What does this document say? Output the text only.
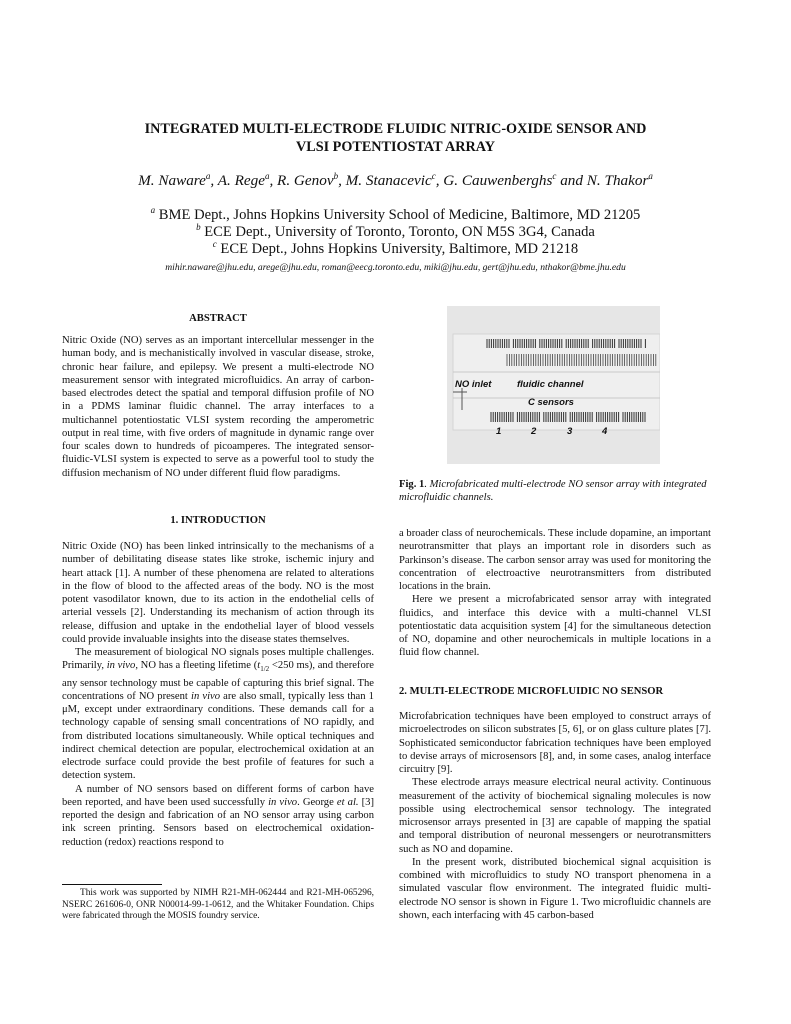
INTEGRATED MULTI-ELECTRODE FLUIDIC NITRIC-OXIDE SENSOR AND
VLSI POTENTIOSTAT ARRAY
M. Naware$^a$, A. Rege$^a$, R. Genov$^b$, M. Stanacevic$^c$, G. Cauwenberghs$^c$ and N. Thakor$^a$
$^a$ BME Dept., Johns Hopkins University School of Medicine, Baltimore, MD 21205
$^b$ ECE Dept., University of Toronto, Toronto, ON M5S 3G4, Canada
$^c$ ECE Dept., Johns Hopkins University, Baltimore, MD 21218
mihir.naware@jhu.edu, arege@jhu.edu, roman@eecg.toronto.edu, miki@jhu.edu, gert@jhu.edu, nthakor@bme.jhu.edu
ABSTRACT

Nitric Oxide (NO) serves as an important intercellular messenger in the human body, and is mechanistically involved in vascular disease, stroke, chronic hear failure, and epilepsy. We present a multi-electrode NO measurement sensor with integrated microfluidics. An array of carbon-based electrodes detect the spatial and temporal diffusion profile of NO in a PDMS laminar fluidic channel. The array interfaces to a multichannel potentiostatic VLSI system recording the amperometric output in real time, with five orders of magnitude in dynamic range over four scales down to hundreds of picoamperes. The integrated sensor-fluidic-VLSI system is expected to serve as a powerful tool to study the diffusion mechanism of NO under different fluid flow paradigms.

1. INTRODUCTION

Nitric Oxide (NO) has been linked intrinsically to the mechanisms of a number of debilitating disease states like stroke, ischemic injury and heart attack [1]. A number of these phenomena are related to alterations in the flow of blood to the affected areas of the body. NO is the most potent vasodilator known, due to its action in the endothelial cells of arterial vessels [2]. Understanding its mechanism of action through its release, diffusion and uptake in the endothelial layer of blood vessels could provide invaluable insights into the disease states themselves.

The measurement of biological NO signals poses multiple challenges. Primarily, in vivo, NO has a fleeting lifetime ($t_{1/2} <250$ ms), and therefore any sensor technology must be capable of capturing this brief signal. The concentrations of NO present in vivo are also small, typically less than 1 μM, except under extraordinary conditions. These demands call for a technology capable of sensing small concentrations of NO rapidly, and from distributed locations simultaneously. While optical techniques and indirect chemical detection are popular, electrochemical oxidation at an electrode surface could provide the best profile of features for such a detection system.

A number of NO sensors based on different forms of carbon have been reported, and have been used successfully in vivo. George et al. [3] reported the design and fabrication of an NO sensor array using carbon ink screen printing. Sensors based on electrochemical oxidation-reduction (redox) reactions respond to

This work was supported by NIMH R21-MH-062444 and R21-MH-065296, NSERC 261606-0, ONR N00014-99-1-0612, and the Whitaker Foundation. Chips were fabricated through the MOSIS foundry service.
NO inlet	fluidic channel
C sensors
1	2	3	4
Fig. 1. Microfabricated multi-electrode NO sensor array with integrated microfluidic channels.

a broader class of neurochemicals. These include dopamine, an important neurotransmitter that plays an important role in disorders such as Parkinson’s disease. The carbon sensor array was used for monitoring the concentration of electroactive neurotransmitters from distributed locations in the brain.

Here we present a microfabricated sensor array with integrated fluidics, and interface this device with a multi-channel VLSI potentiostatic data acquisition system [4] for the simultaneous detection of NO, dopamine and other neurochemicals in multiple locations in a fluid flow channel.

2. MULTI-ELECTRODE MICROFLUIDIC NO SENSOR

Microfabrication techniques have been employed to construct arrays of microelectrodes on silicon substrates [5, 6], or on glass culture plates [7]. Sophisticated semiconductor fabrication techniques have been employed to devise arrays of microsensors [8], and, in some cases, analog interface circuitry [9].

These electrode arrays measure electrical neural activity. Continuous measurement of the activity of biochemical signaling molecules is now possible using electrochemical sensor technology. The integrated microsensor arrays presented in [3] are capable of mapping the spatial and temporal distribution of neuronal messengers or neurotransmitters such as NO and dopamine.

In the present work, distributed biochemical signal acquisition is combined with microfluidics to study NO transport phenomena in a simulated vascular flow environment. The integrated fluidic multi-electrode NO sensor is shown in Figure 1. Two microfluidic channels are shown, each interfacing with 45 carbon-based
